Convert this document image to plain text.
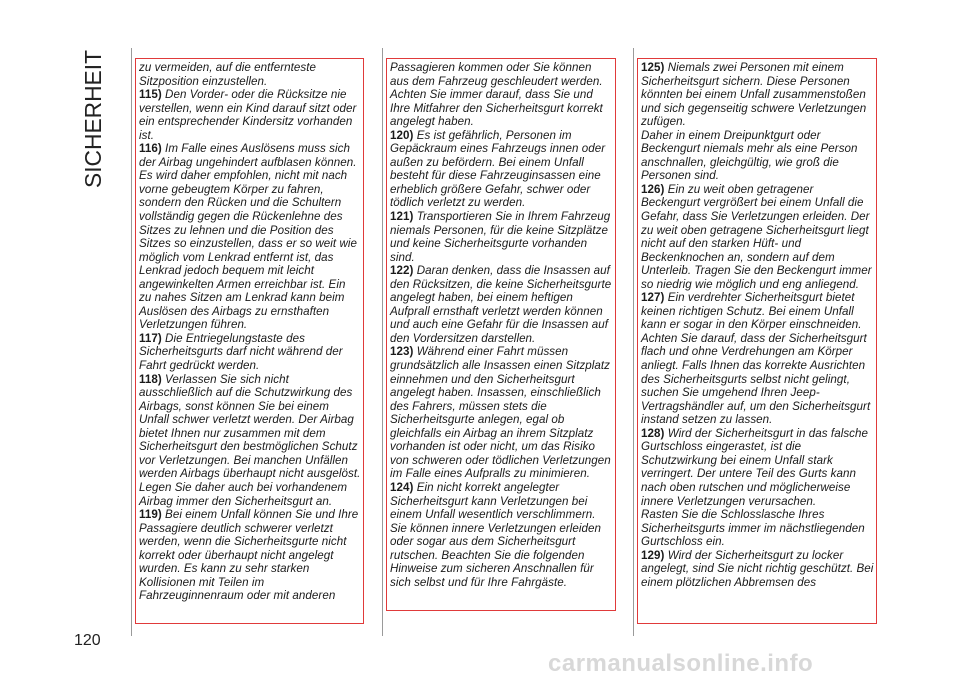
SICHERHEIT	zu vermeiden, auf die entfernteste Sitzposition einzustellen.

115) Den Vorder- oder die Rücksitze nie verstellen, wenn ein Kind darauf sitzt oder ein entsprechender Kindersitz vorhanden ist.

116) Im Falle eines Auslösens muss sich der Airbag ungehindert aufblasen können. Es wird daher empfohlen, nicht mit nach vorne gebeugtem Körper zu fahren, sondern den Rücken und die Schultern vollständig gegen die Rückenlehne des Sitzes zu lehnen und die Position des Sitzes so einzustellen, dass er so weit wie möglich vom Lenkrad entfernt ist, das Lenkrad jedoch bequem mit leicht angewinkelten Armen erreichbar ist. Ein zu nahes Sitzen am Lenkrad kann beim Auslösen des Airbags zu ernsthaften Verletzungen führen.

117) Die Entriegelungstaste des Sicherheitsgurts darf nicht während der Fahrt gedrückt werden.

118) Verlassen Sie sich nicht ausschließlich auf die Schutzwirkung des Airbags, sonst können Sie bei einem Unfall schwer verletzt werden. Der Airbag bietet Ihnen nur zusammen mit dem Sicherheitsgurt den bestmöglichen Schutz vor Verletzungen. Bei manchen Unfällen werden Airbags überhaupt nicht ausgelöst. Legen Sie daher auch bei vorhandenem Airbag immer den Sicherheitsgurt an.

119) Bei einem Unfall können Sie und Ihre Passagiere deutlich schwerer verletzt werden, wenn die Sicherheitsgurte nicht korrekt oder überhaupt nicht angelegt wurden. Es kann zu sehr starken Kollisionen mit Teilen im Fahrzeuginnenraum oder mit anderen

Passagieren kommen oder Sie können aus dem Fahrzeug geschleudert werden. Achten Sie immer darauf, dass Sie und Ihre Mitfahrer den Sicherheitsgurt korrekt angelegt haben.

120) Es ist gefährlich, Personen im Gepäckraum eines Fahrzeugs innen oder außen zu befördern. Bei einem Unfall besteht für diese Fahrzeuginsassen eine erheblich größere Gefahr, schwer oder tödlich verletzt zu werden.

121) Transportieren Sie in Ihrem Fahrzeug niemals Personen, für die keine Sitzplätze und keine Sicherheitsgurte vorhanden sind.

122) Daran denken, dass die Insassen auf den Rücksitzen, die keine Sicherheitsgurte angelegt haben, bei einem heftigen Aufprall ernsthaft verletzt werden können und auch eine Gefahr für die Insassen auf den Vordersitzen darstellen.

123) Während einer Fahrt müssen grundsätzlich alle Insassen einen Sitzplatz einnehmen und den Sicherheitsgurt angelegt haben. Insassen, einschließlich des Fahrers, müssen stets die Sicherheitsgurte anlegen, egal ob gleichfalls ein Airbag an ihrem Sitzplatz vorhanden ist oder nicht, um das Risiko von schweren oder tödlichen Verletzungen im Falle eines Aufpralls zu minimieren.

124) Ein nicht korrekt angelegter Sicherheitsgurt kann Verletzungen bei einem Unfall wesentlich verschlimmern. Sie können innere Verletzungen erleiden oder sogar aus dem Sicherheitsgurt rutschen. Beachten Sie die folgenden Hinweise zum sicheren Anschnallen für sich selbst und für Ihre Fahrgäste.

125) Niemals zwei Personen mit einem Sicherheitsgurt sichern. Diese Personen könnten bei einem Unfall zusammenstoßen und sich gegenseitig schwere Verletzungen zufügen.

Daher in einem Dreipunktgurt oder Beckengurt niemals mehr als eine Person anschnallen, gleichgültig, wie groß die Personen sind.

126) Ein zu weit oben getragener Beckengurt vergrößert bei einem Unfall die Gefahr, dass Sie Verletzungen erleiden. Der zu weit oben getragene Sicherheitsgurt liegt nicht auf den starken Hüft- und Beckenknochen an, sondern auf dem Unterleib. Tragen Sie den Beckengurt immer so niedrig wie möglich und eng anliegend.

127) Ein verdrehter Sicherheitsgurt bietet keinen richtigen Schutz. Bei einem Unfall kann er sogar in den Körper einschneiden. Achten Sie darauf, dass der Sicherheitsgurt flach und ohne Verdrehungen am Körper anliegt. Falls Ihnen das korrekte Ausrichten des Sicherheitsgurts selbst nicht gelingt, suchen Sie umgehend Ihren Jeep-Vertragshändler auf, um den Sicherheitsgurt instand setzen zu lassen.

128) Wird der Sicherheitsgurt in das falsche Gurtschloss eingerastet, ist die Schutzwirkung bei einem Unfall stark verringert. Der untere Teil des Gurts kann nach oben rutschen und möglicherweise innere Verletzungen verursachen.

Rasten Sie die Schlosslasche Ihres Sicherheitsgurts immer im nächstliegenden Gurtschloss ein.

129) Wird der Sicherheitsgurt zu locker angelegt, sind Sie nicht richtig geschützt. Bei einem plötzlichen Abbremsen des

120
carmanualsonline.info
